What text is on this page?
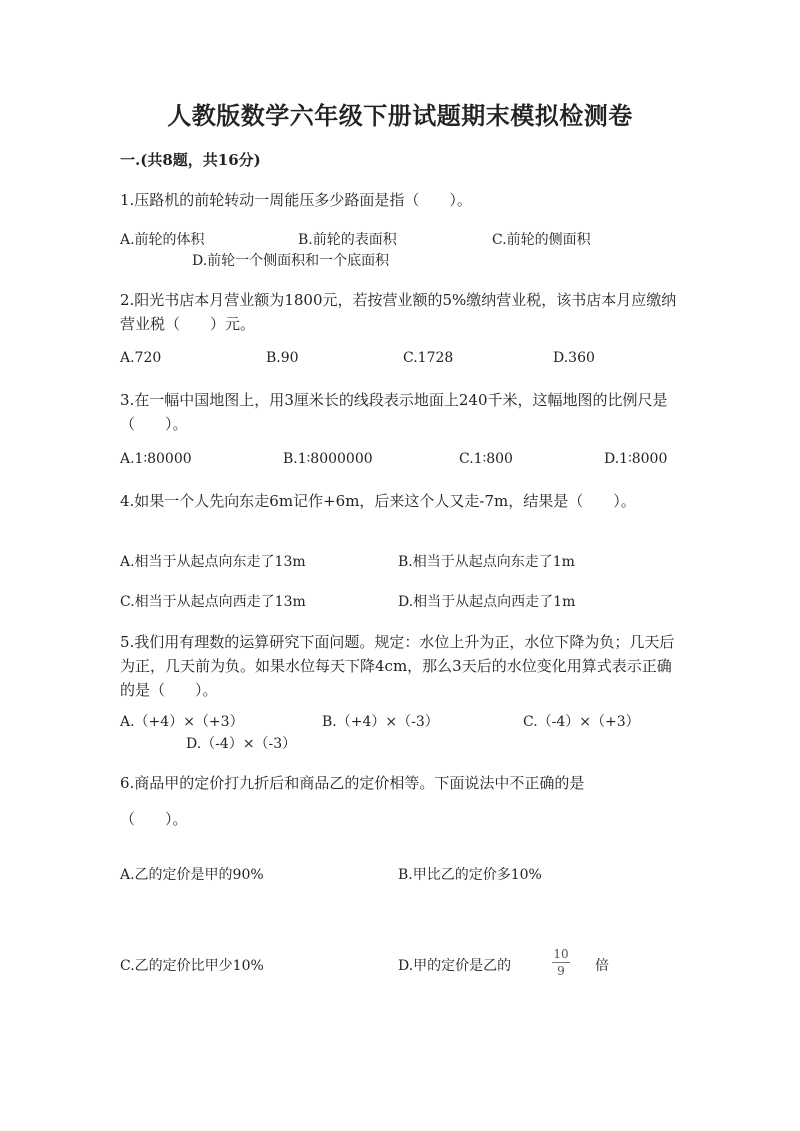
人教版数学六年级下册试题期末模拟检测卷
一.(共8题，共16分)
1.压路机的前轮转动一周能压多少路面是指（　　）。
A.前轮的体积	B.前轮的表面积	C.前轮的侧面积
D.前轮一个侧面积和一个底面积
2.阳光书店本月营业额为1800元，若按营业额的5%缴纳营业税，该书店本月应缴纳营业税（　　）元。
A.720	B.90	C.1728	D.360
3.在一幅中国地图上，用3厘米长的线段表示地面上240千米，这幅地图的比例尺是（　　）。
A.1∶80000	B.1∶8000000	C.1∶800	D.1∶8000
4.如果一个人先向东走6m记作+6m，后来这个人又走-7m，结果是（　　）。
A.相当于从起点向东走了13m	B.相当于从起点向东走了1m
C.相当于从起点向西走了13m	D.相当于从起点向西走了1m
5.我们用有理数的运算研究下面问题。规定：水位上升为正，水位下降为负；几天后为正，几天前为负。如果水位每天下降4cm，那么3天后的水位变化用算式表示正确的是（　　）。
A.（+4）×（+3）	B.（+4）×（-3）	C.（-4）×（+3）
D.（-4）×（-3）
6.商品甲的定价打九折后和商品乙的定价相等。下面说法中不正确的是
（　　）。
A.乙的定价是甲的90%	B.甲比乙的定价多10%
C.乙的定价比甲少10%	D.甲的定价是乙的
10
9 倍
